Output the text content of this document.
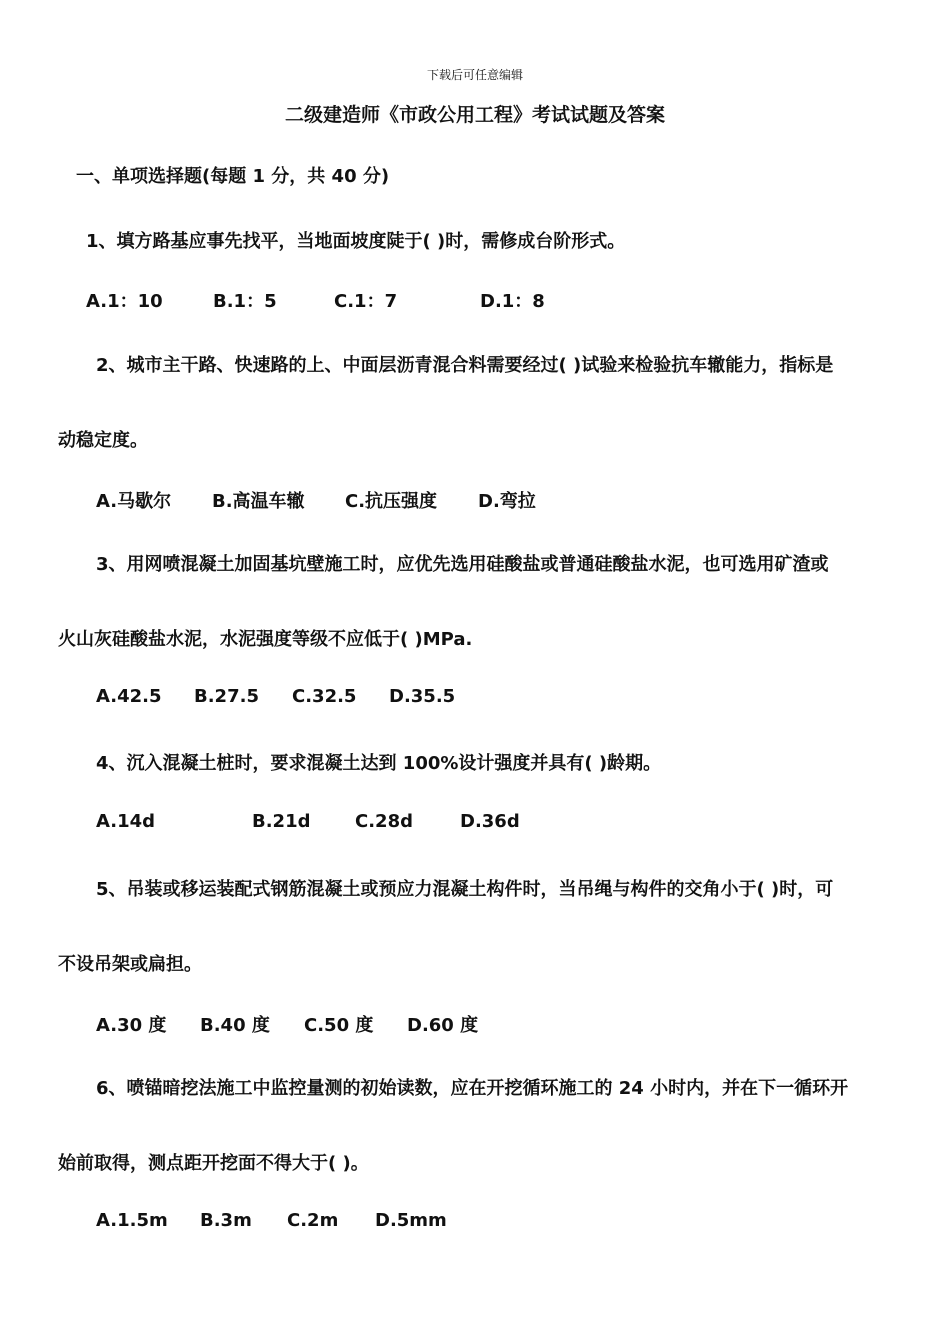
下载后可任意编辑
二级建造师《市政公用工程》考试试题及答案
一、单项选择题(每题 1 分，共 40 分)
1、填方路基应事先找平，当地面坡度陡于( )时，需修成台阶形式。
A.1：10	B.1：5	C.1：7	D.1：8
2、城市主干路、快速路的上、中面层沥青混合料需要经过( )试验来检验抗车辙能力，指标是
动稳定度。
A.马歇尔 B.高温车辙 C.抗压强度 D.弯拉
3、用网喷混凝土加固基坑壁施工时，应优先选用硅酸盐或普通硅酸盐水泥，也可选用矿渣或
火山灰硅酸盐水泥，水泥强度等级不应低于( )MPa.
A.42.5 B.27.5 C.32.5 D.35.5
4、沉入混凝土桩时，要求混凝土达到 100%设计强度并具有( )龄期。
A.14d	B.21d C.28d	D.36d
5、吊装或移运装配式钢筋混凝土或预应力混凝土构件时，当吊绳与构件的交角小于( )时，可
不设吊架或扁担。
A.30 度 B.40 度 C.50 度 D.60 度
6、喷锚暗挖法施工中监控量测的初始读数，应在开挖循环施工的 24 小时内，并在下一循环开
始前取得，测点距开挖面不得大于( )。
A.1.5m B.3m C.2m D.5mm
